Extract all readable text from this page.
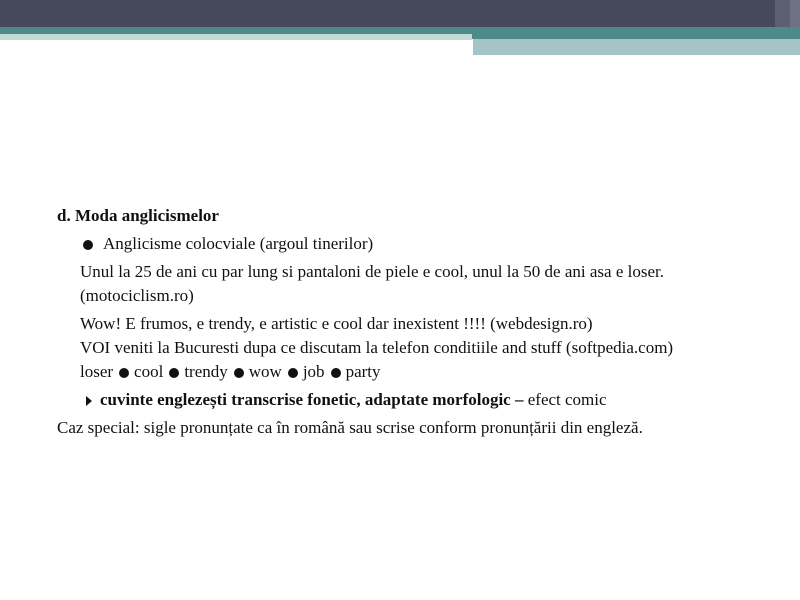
d. Moda anglicismelor
Anglicisme colocviale (argoul tinerilor)
Unul la 25 de ani cu par lung si pantaloni de piele e cool, unul la 50 de ani asa e loser. (motociclism.ro)
Wow! E frumos, e trendy, e artistic e cool dar inexistent !!!! (webdesign.ro)
VOI veniti la Bucuresti dupa ce discutam la telefon conditiile and stuff (softpedia.com)
loser cool trendy wow job party
cuvinte englezești transcrise fonetic, adaptate morfologic – efect comic
Caz special: sigle pronunțate ca în română sau scrise conform pronunțării din engleză.
